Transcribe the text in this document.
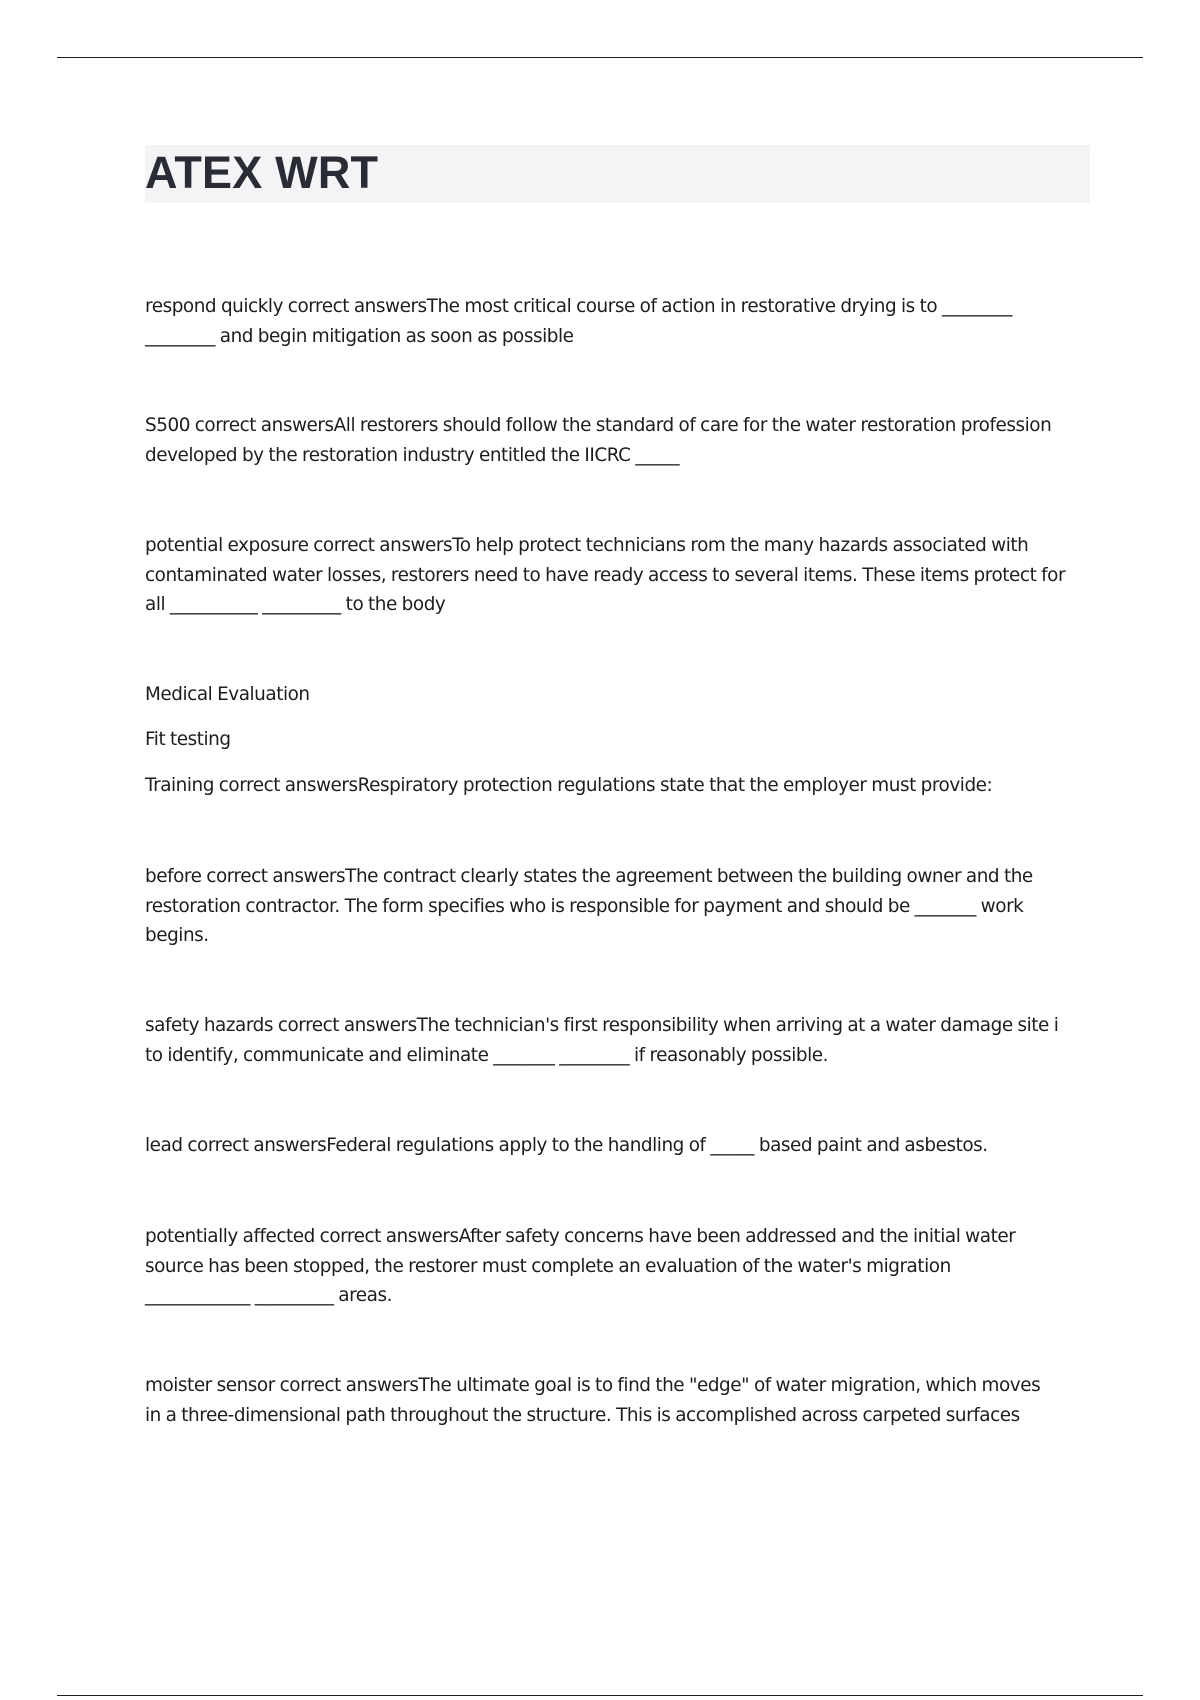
ATEX WRT

respond quickly correct answersThe most critical course of action in restorative drying is to ________
________ and begin mitigation as soon as possible

S500 correct answersAll restorers should follow the standard of care for the water restoration profession
developed by the restoration industry entitled the IICRC _____

potential exposure correct answersTo help protect technicians rom the many hazards associated with
contaminated water losses, restorers need to have ready access to several items. These items protect for
all __________ _________ to the body

Medical Evaluation

Fit testing

Training correct answersRespiratory protection regulations state that the employer must provide:

before correct answersThe contract clearly states the agreement between the building owner and the
restoration contractor. The form specifies who is responsible for payment and should be _______ work
begins.

safety hazards correct answersThe technician's first responsibility when arriving at a water damage site i
to identify, communicate and eliminate _______ ________ if reasonably possible.

lead correct answersFederal regulations apply to the handling of _____ based paint and asbestos.

potentially affected correct answersAfter safety concerns have been addressed and the initial water
source has been stopped, the restorer must complete an evaluation of the water's migration
____________ _________ areas.

moister sensor correct answersThe ultimate goal is to find the "edge" of water migration, which moves
in a three-dimensional path throughout the structure. This is accomplished across carpeted surfaces
